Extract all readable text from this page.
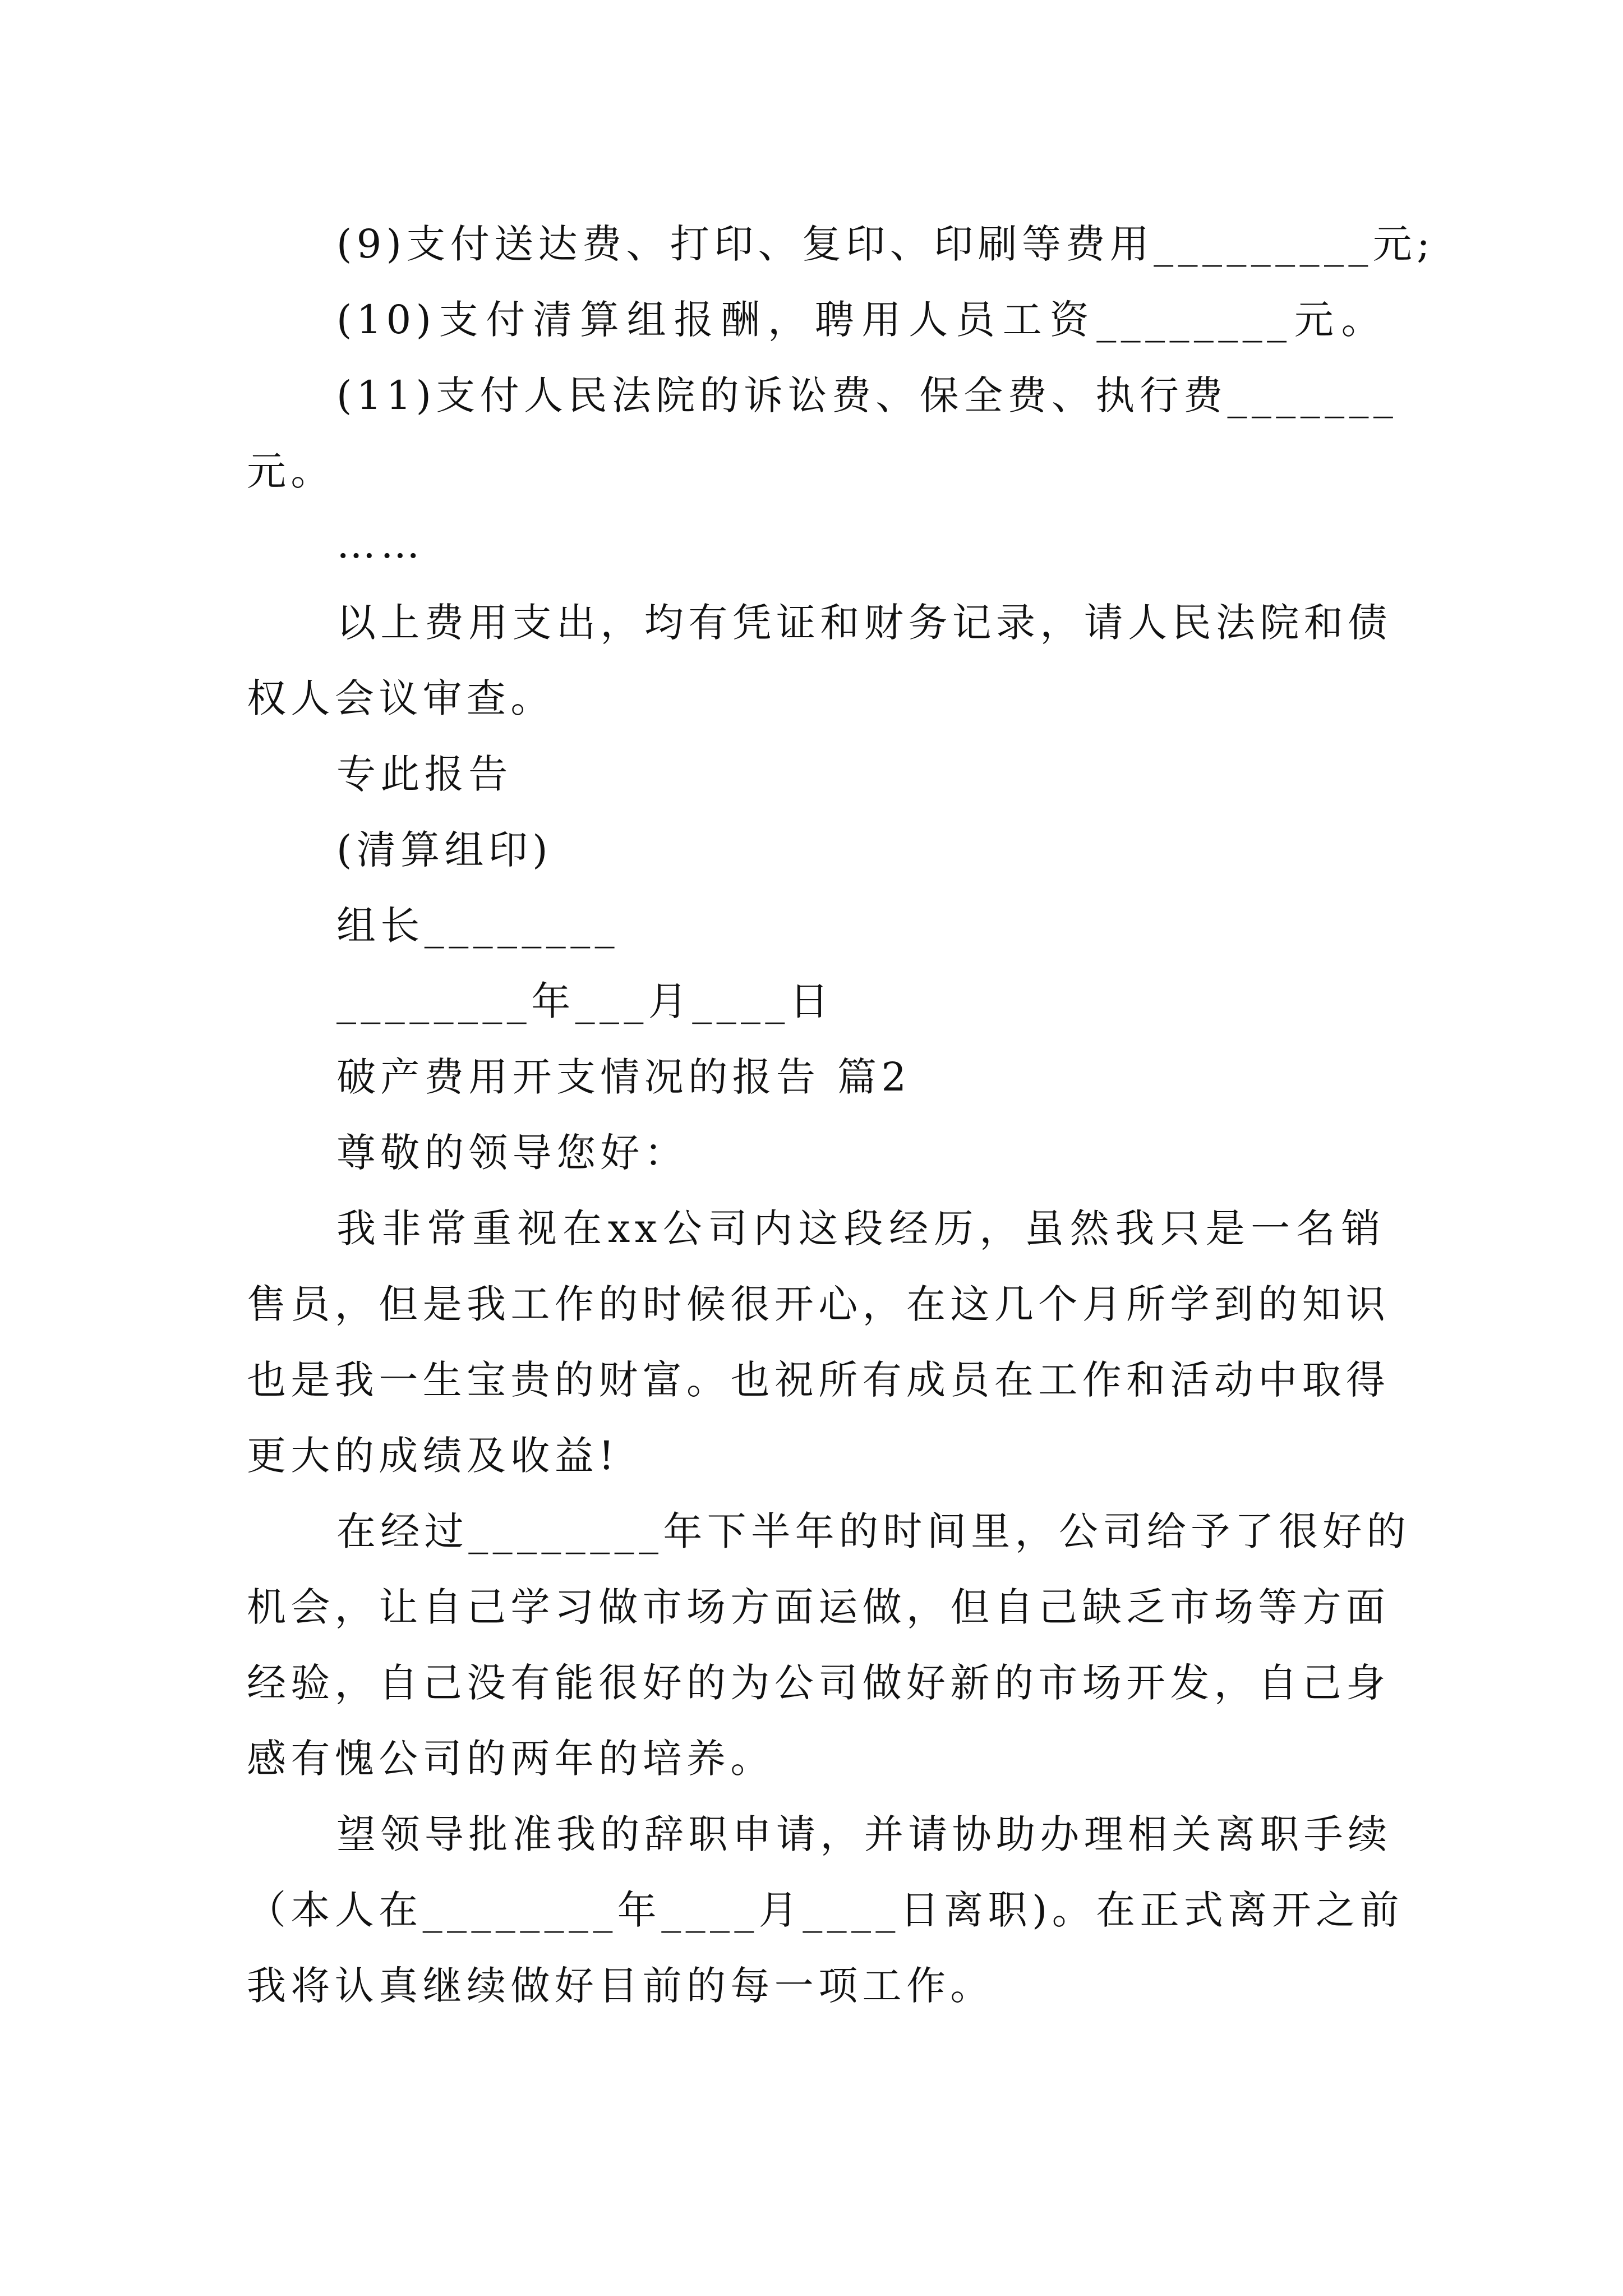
(9)支付送达费、打印、复印、印刷等费用_________元;
(10)支付清算组报酬，聘用人员工资________元。
(11)支付人民法院的诉讼费、保全费、执行费_______
元。
……
以上费用支出，均有凭证和财务记录，请人民法院和债
权人会议审查。
专此报告
(清算组印)
组长________
________年___月____日
破产费用开支情况的报告 篇2
尊敬的领导您好：
我非常重视在xx公司内这段经历，虽然我只是一名销
售员，但是我工作的时候很开心，在这几个月所学到的知识
也是我一生宝贵的财富。也祝所有成员在工作和活动中取得
更大的成绩及收益!
在经过________年下半年的时间里，公司给予了很好的
机会，让自己学习做市场方面运做，但自己缺乏市场等方面
经验，自己没有能很好的为公司做好新的市场开发，自己身
感有愧公司的两年的培养。
望领导批准我的辞职申请，并请协助办理相关离职手续
（本人在________年____月____日离职)。在正式离开之前
我将认真继续做好目前的每一项工作。
